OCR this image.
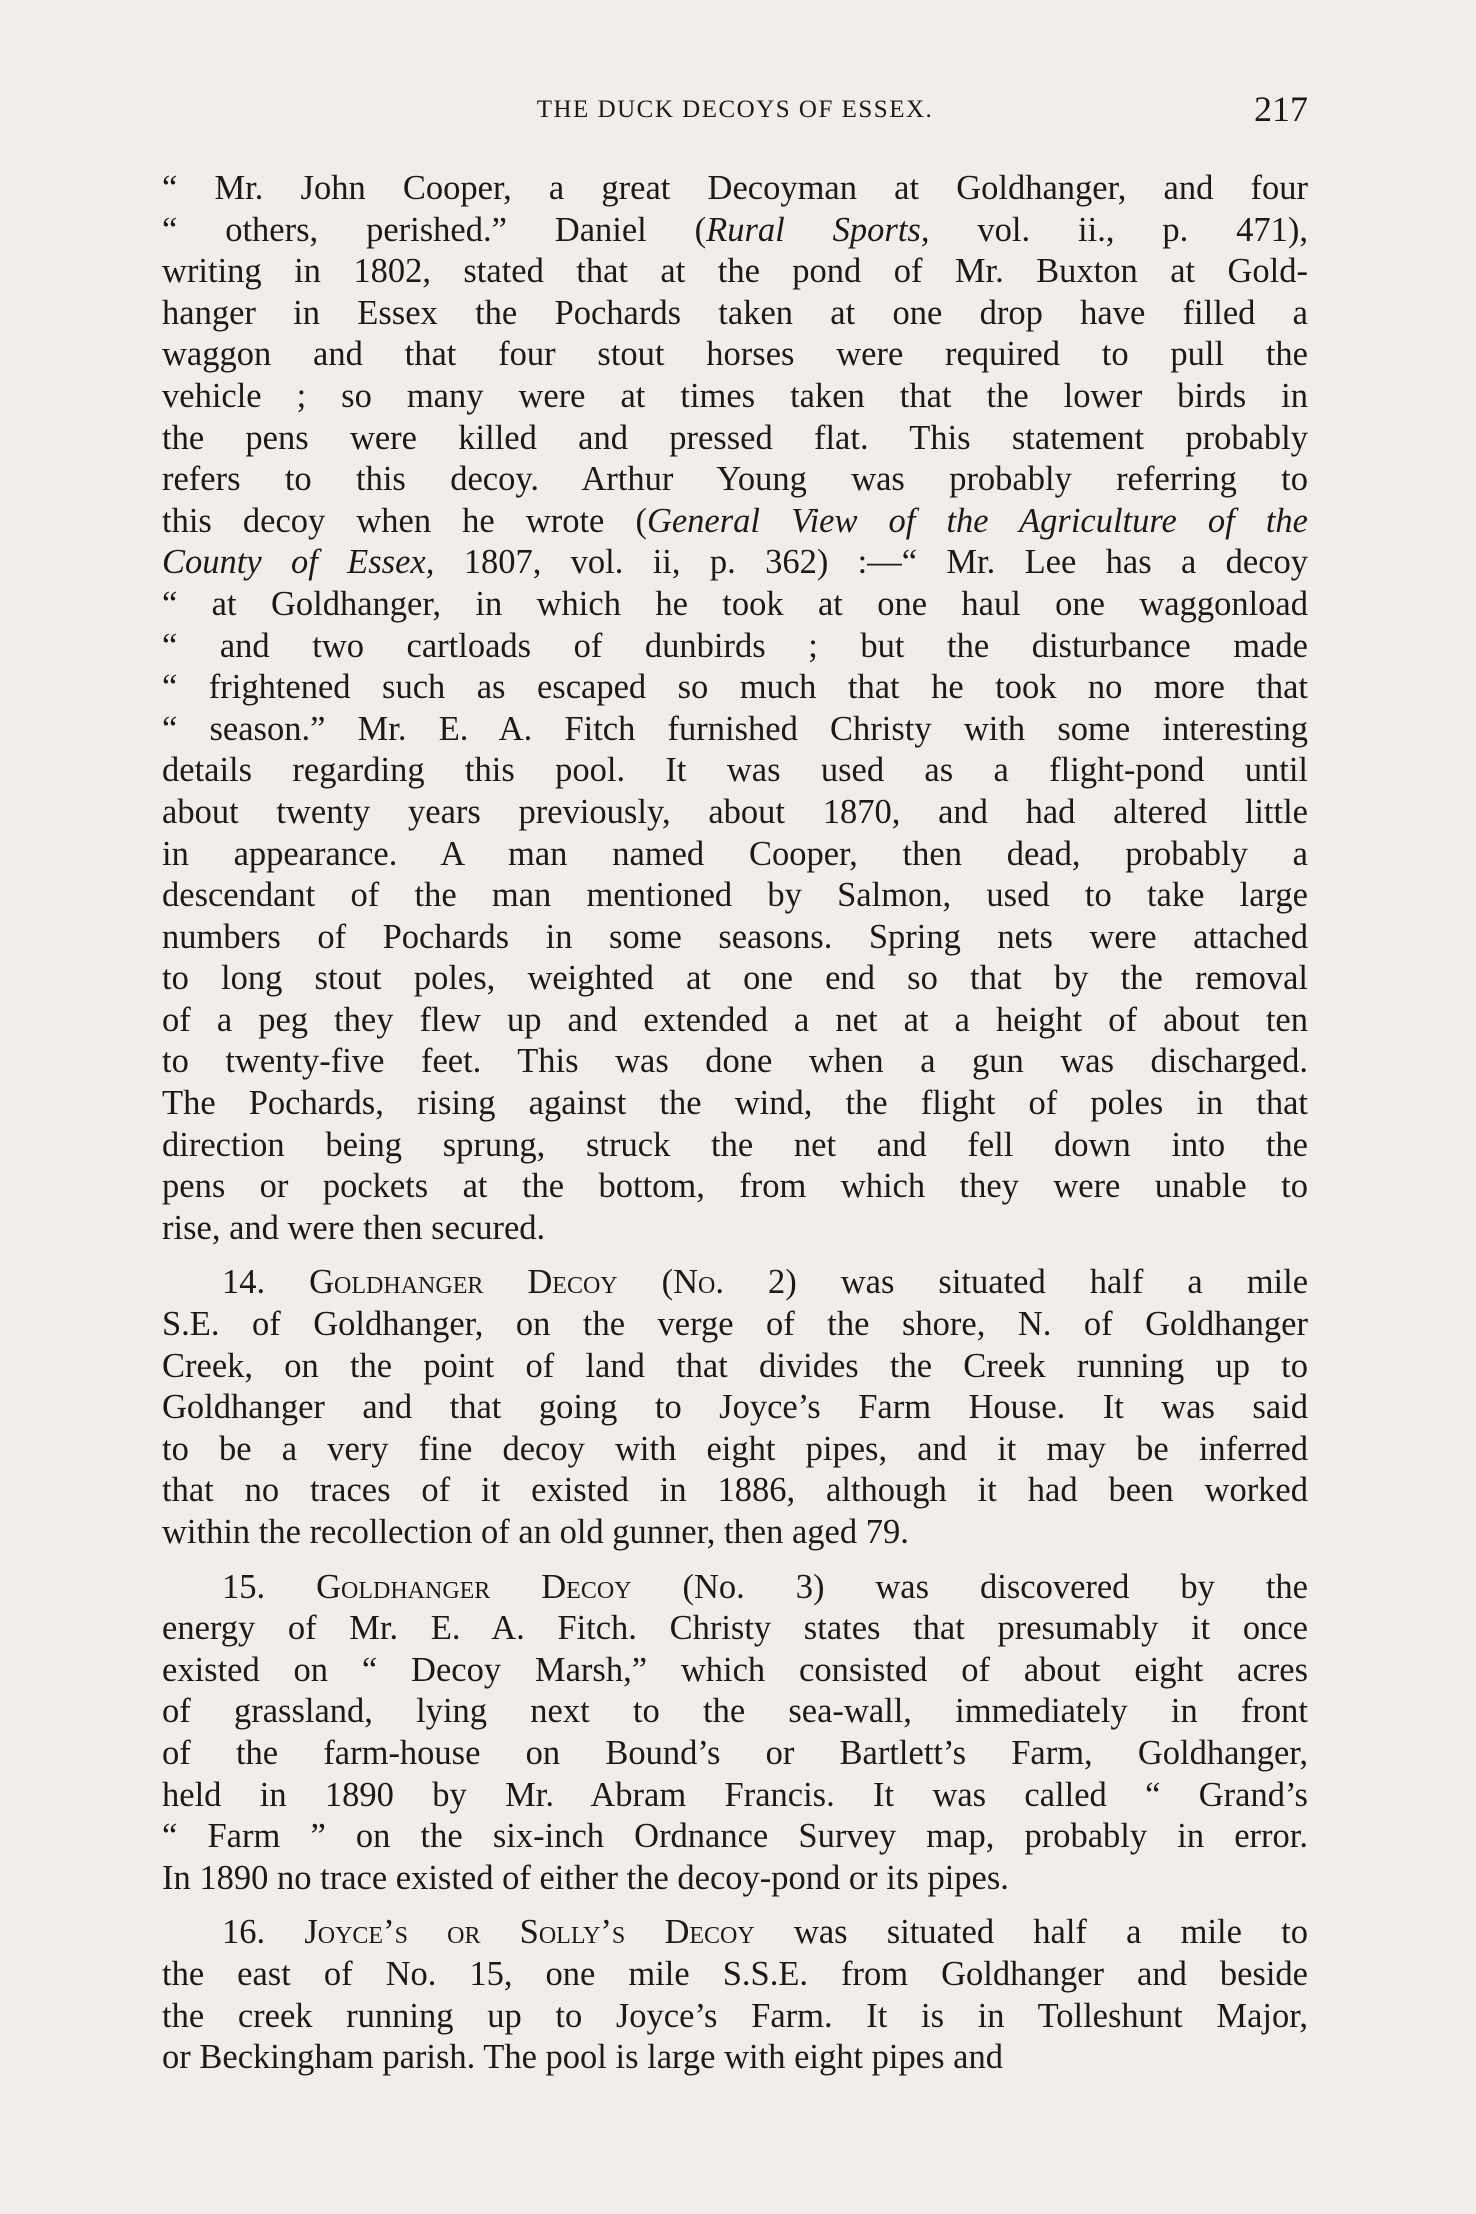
THE DUCK DECOYS OF ESSEX.	217
“ Mr. John Cooper, a great Decoyman at Goldhanger, and four
“ others, perished.” Daniel (Rural Sports, vol. ii., p. 471),
writing in 1802, stated that at the pond of Mr. Buxton at Gold-
hanger in Essex the Pochards taken at one drop have filled a
waggon and that four stout horses were required to pull the
vehicle ; so many were at times taken that the lower birds in
the pens were killed and pressed flat. This statement probably
refers to this decoy. Arthur Young was probably referring to
this decoy when he wrote (General View of the Agriculture of the
County of Essex, 1807, vol. ii, p. 362) :—“ Mr. Lee has a decoy
“ at Goldhanger, in which he took at one haul one waggonload
“ and two cartloads of dunbirds ; but the disturbance made
“ frightened such as escaped so much that he took no more that
“ season.” Mr. E. A. Fitch furnished Christy with some interesting
details regarding this pool. It was used as a flight-pond until
about twenty years previously, about 1870, and had altered little
in appearance. A man named Cooper, then dead, probably a
descendant of the man mentioned by Salmon, used to take large
numbers of Pochards in some seasons. Spring nets were attached
to long stout poles, weighted at one end so that by the removal
of a peg they flew up and extended a net at a height of about ten
to twenty-five feet. This was done when a gun was discharged.
The Pochards, rising against the wind, the flight of poles in that
direction being sprung, struck the net and fell down into the
pens or pockets at the bottom, from which they were unable to
rise, and were then secured.
14. Goldhanger Decoy (No. 2) was situated half a mile
S.E. of Goldhanger, on the verge of the shore, N. of Goldhanger
Creek, on the point of land that divides the Creek running up to
Goldhanger and that going to Joyce’s Farm House. It was said
to be a very fine decoy with eight pipes, and it may be inferred
that no traces of it existed in 1886, although it had been worked
within the recollection of an old gunner, then aged 79.
15. Goldhanger Decoy (No. 3) was discovered by the
energy of Mr. E. A. Fitch. Christy states that presumably it once
existed on “ Decoy Marsh,” which consisted of about eight acres
of grassland, lying next to the sea-wall, immediately in front
of the farm-house on Bound’s or Bartlett’s Farm, Goldhanger,
held in 1890 by Mr. Abram Francis. It was called “ Grand’s
“ Farm ” on the six-inch Ordnance Survey map, probably in error.
In 1890 no trace existed of either the decoy-pond or its pipes.
16. Joyce’s or Solly’s Decoy was situated half a mile to
the east of No. 15, one mile S.S.E. from Goldhanger and beside
the creek running up to Joyce’s Farm. It is in Tolleshunt Major,
or Beckingham parish. The pool is large with eight pipes and
